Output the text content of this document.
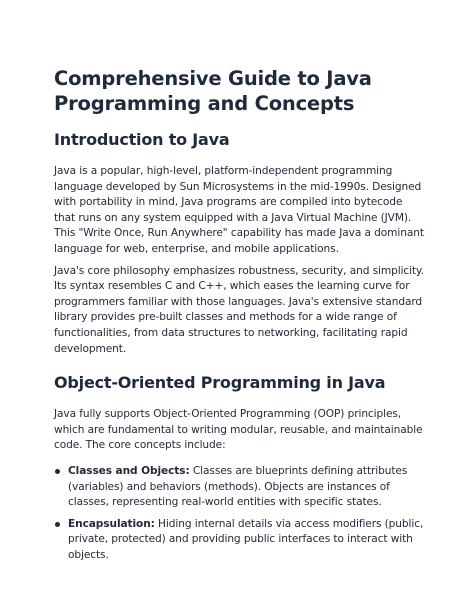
Comprehensive Guide to Java Programming and Concepts
Introduction to Java

Java is a popular, high-level, platform-independent programming language developed by Sun Microsystems in the mid-1990s. Designed with portability in mind, Java programs are compiled into bytecode that runs on any system equipped with a Java Virtual Machine (JVM). This "Write Once, Run Anywhere" capability has made Java a dominant language for web, enterprise, and mobile applications.

Java's core philosophy emphasizes robustness, security, and simplicity. Its syntax resembles C and C++, which eases the learning curve for programmers familiar with those languages. Java's extensive standard library provides pre-built classes and methods for a wide range of functionalities, from data structures to networking, facilitating rapid development.

Object-Oriented Programming in Java

Java fully supports Object-Oriented Programming (OOP) principles, which are fundamental to writing modular, reusable, and maintainable code. The core concepts include:

Classes and Objects: Classes are blueprints defining attributes (variables) and behaviors (methods). Objects are instances of classes, representing real-world entities with specific states.
Encapsulation: Hiding internal details via access modifiers (public, private, protected) and providing public interfaces to interact with objects.
